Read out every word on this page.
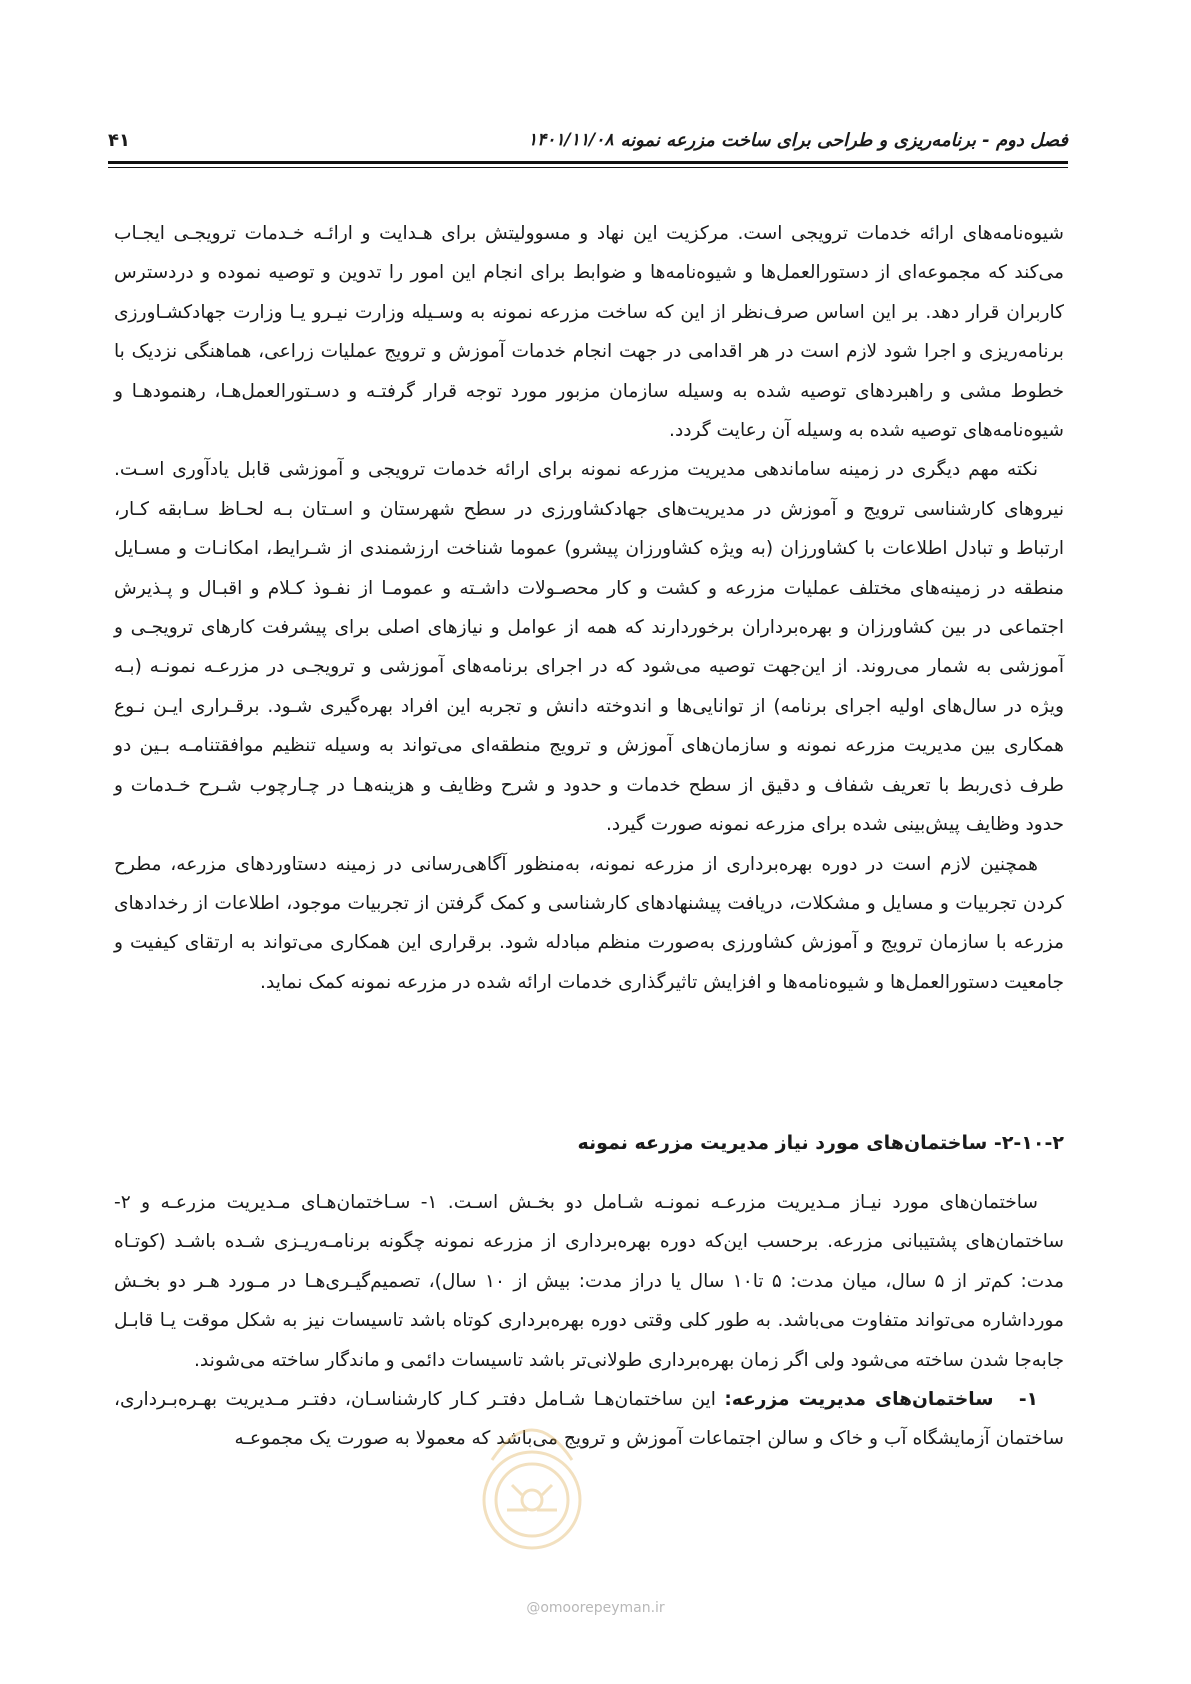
۴۱	۱۴۰۱/۱۱/۰۸ فصل دوم - برنامه‌ریزی و طراحی برای ساخت مزرعه نمونه

شیوه‌نامه‌های ارائه خدمات ترویجی است. مرکزیت این نهاد و مسوولیتش برای هـدایت و ارائـه خـدمات ترویجـی ایجـاب می‌کند که مجموعه‌ای از دستورالعمل‌ها و شیوه‌نامه‌ها و ضوابط برای انجام این امور را تدوین و توصیه نموده و دردسترس کاربران قرار دهد. بر این اساس صرف‌نظر از این که ساخت مزرعه نمونه به وسـیله وزارت نیـرو یـا وزارت جهادکشـاورزی برنامه‌ریزی و اجرا شود لازم است در هر اقدامی در جهت انجام خدمات آموزش و ترویج عملیات زراعی، هماهنگی نزدیک با خطوط مشی و راهبردهای توصیه شده به وسیله سازمان مزبور مورد توجه قرار گرفتـه و دسـتورالعمل‌هـا، رهنمودهـا و شیوه‌نامه‌های توصیه شده به وسیله آن رعایت گردد.

نکته مهم دیگری در زمینه ساماندهی مدیریت مزرعه نمونه برای ارائه خدمات ترویجی و آموزشی قابل یادآوری اسـت. نیروهای کارشناسی ترویج و آموزش در مدیریت‌های جهادکشاورزی در سطح شهرستان و اسـتان بـه لحـاظ سـابقه کـار، ارتباط و تبادل اطلاعات با کشاورزان (به ویژه کشاورزان پیشرو) عموما شناخت ارزشمندی از شـرایط، امکانـات و مسـایل منطقه در زمینه‌های مختلف عملیات مزرعه و کشت و کار محصـولات داشـته و عمومـا از نفـوذ کـلام و اقبـال و پـذیرش اجتماعی در بین کشاورزان و بهره‌برداران برخوردارند که همه از عوامل و نیازهای اصلی برای پیشرفت کارهای ترویجـی و آموزشی به شمار می‌روند. از این‌جهت توصیه می‌شود که در اجرای برنامه‌های آموزشی و ترویجـی در مزرعـه نمونـه (بـه ویژه در سال‌های اولیه اجرای برنامه) از توانایی‌ها و اندوخته دانش و تجربه این افراد بهره‌گیری شـود. برقـراری ایـن نـوع همکاری بین مدیریت مزرعه نمونه و سازمان‌های آموزش و ترویج منطقه‌ای می‌تواند به وسیله تنظیم موافقتنامـه بـین دو طرف ذی‌ربط با تعریف شفاف و دقیق از سطح خدمات و حدود و شرح وظایف و هزینه‌هـا در چـارچوب شـرح خـدمات و حدود وظایف پیش‌بینی شده برای مزرعه نمونه صورت گیرد.

همچنین لازم است در دوره بهره‌برداری از مزرعه نمونه، به‌منظور آگاهی‌رسانی در زمینه دستاوردهای مزرعه، مطرح کردن تجربیات و مسایل و مشکلات، دریافت پیشنهادهای کارشناسی و کمک گرفتن از تجربیات موجود، اطلاعات از رخدادهای مزرعه با سازمان ترویج و آموزش کشاورزی به‌صورت منظم مبادله شود. برقراری این همکاری می‌تواند به ارتقای کیفیت و جامعیت دستورالعمل‌ها و شیوه‌نامه‌ها و افزایش تاثیرگذاری خدمات ارائه شده در مزرعه نمونه کمک نماید.

۲-۱۰-۲- ساختمان‌های مورد نیاز مدیریت مزرعه نمونه

ساختمان‌های مورد نیـاز مـدیریت مزرعـه نمونـه شـامل دو بخـش اسـت. ۱- سـاختمان‌هـای مـدیریت مزرعـه و ۲- ساختمان‌های پشتیبانی مزرعه. برحسب این‌که دوره بهره‌برداری از مزرعه نمونه چگونه برنامـه‌ریـزی شـده باشـد (کوتـاه مدت: کم‌تر از ۵ سال، میان مدت: ۵ تا۱۰ سال یا دراز مدت: بیش از ۱۰ سال)، تصمیم‌گیـری‌هـا در مـورد هـر دو بخـش مورداشاره می‌تواند متفاوت می‌باشد. به طور کلی وقتی دوره بهره‌برداری کوتاه باشد تاسیسات نیز به شکل موقت یـا قابـل جابه‌جا شدن ساخته می‌شود ولی اگر زمان بهره‌برداری طولانی‌تر باشد تاسیسات دائمی و ماندگار ساخته می‌شوند.

۱-   ساختمان‌های مدیریت مزرعه: این ساختمان‌هـا شـامل دفتـر کـار کارشناسـان، دفتـر مـدیریت بهـره‌بـرداری، ساختمان آزمایشگاه آب و خاک و سالن اجتماعات آموزش و ترویج می‌باشد که معمولا به صورت یک مجموعـه

@omoorepeyman.ir
